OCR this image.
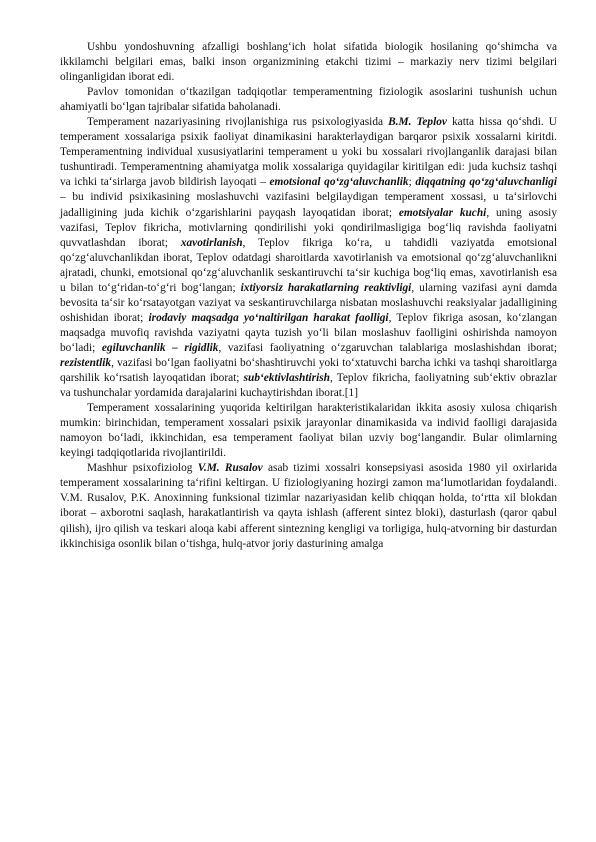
Ushbu yondoshuvning afzalligi boshlang‘ich holat sifatida biologik hosilaning qo‘shimcha va ikkilamchi belgilari emas, balki inson organizmining etakchi tizimi – markaziy nerv tizimi belgilari olinganligidan iborat edi.

Pavlov tomonidan o‘tkazilgan tadqiqotlar temperamentning fiziologik asoslarini tushunish uchun ahamiyatli bo‘lgan tajribalar sifatida baholanadi.

Temperament nazariyasining rivojlanishiga rus psixologiyasida B.M. Teplov katta hissa qo‘shdi. U temperament xossalariga psixik faoliyat dinamikasini harakterlaydigan barqaror psixik xossalarni kiritdi. Temperamentning individual xususiyatlarini temperament u yoki bu xossalari rivojlanganlik darajasi bilan tushuntiradi. Temperamentning ahamiyatga molik xossalariga quyidagilar kiritilgan edi: juda kuchsiz tashqi va ichki ta‘sirlarga javob bildirish layoqati – emotsional qo‘zg‘aluvchanlik; diqqatning qo‘zg‘aluvchanligi – bu individ psixikasining moslashuvchi vazifasini belgilaydigan temperament xossasi, u ta‘sirlovchi jadalligining juda kichik o‘zgarishlarini payqash layoqatidan iborat; emotsiyalar kuchi, uning asosiy vazifasi, Teplov fikricha, motivlarning qondirilishi yoki qondirilmasligiga bog‘liq ravishda faoliyatni quvvatlashdan iborat; xavotirlanish, Teplov fikriga ko‘ra, u tahdidli vaziyatda emotsional qo‘zg‘aluvchanlikdan iborat, Teplov odatdagi sharoitlarda xavotirlanish va emotsional qo‘zg‘aluvchanlikni ajratadi, chunki, emotsional qo‘zg‘aluvchanlik seskantiruvchi ta‘sir kuchiga bog‘liq emas, xavotirlanish esa u bilan to‘g‘ridan-to‘g‘ri bog‘langan; ixtiyorsiz harakatlarning reaktivligi, ularning vazifasi ayni damda bevosita ta‘sir ko‘rsatayotgan vaziyat va seskantiruvchilarga nisbatan moslashuvchi reaksiyalar jadalligining oshishidan iborat; irodaviy maqsadga yo‘naltirilgan harakat faolligi, Teplov fikriga asosan, ko‘zlangan maqsadga muvofiq ravishda vaziyatni qayta tuzish yo‘li bilan moslashuv faolligini oshirishda namoyon bo‘ladi; egiluvchanlik – rigidlik, vazifasi faoliyatning o‘zgaruvchan talablariga moslashishdan iborat; rezistentlik, vazifasi bo‘lgan faoliyatni bo‘shashtiruvchi yoki to‘xtatuvchi barcha ichki va tashqi sharoitlarga qarshilik ko‘rsatish layoqatidan iborat; sub‘ektivlashtirish, Teplov fikricha, faoliyatning sub‘ektiv obrazlar va tushunchalar yordamida darajalarini kuchaytirishdan iborat.[1]

Temperament xossalarining yuqorida keltirilgan harakteristikalaridan ikkita asosiy xulosa chiqarish mumkin: birinchidan, temperament xossalari psixik jarayonlar dinamikasida va individ faolligi darajasida namoyon bo‘ladi, ikkinchidan, esa temperament faoliyat bilan uzviy bog‘langandir. Bular olimlarning keyingi tadqiqotlarida rivojlantirildi.

Mashhur psixofiziolog V.M. Rusalov asab tizimi xossalri konsepsiyasi asosida 1980 yil oxirlarida temperament xossalarining ta‘rifini keltirgan. U fiziologiyaning hozirgi zamon ma‘lumotlaridan foydalandi. V.M. Rusalov, P.K. Anoxinning funksional tizimlar nazariyasidan kelib chiqqan holda, to‘rtta xil blokdan iborat – axborotni saqlash, harakatlantirish va qayta ishlash (afferent sintez bloki), dasturlash (qaror qabul qilish), ijro qilish va teskari aloqa kabi afferent sintezning kengligi va torligiga, hulq-atvorning bir dasturdan ikkinchisiga osonlik bilan o‘tishga, hulq-atvor joriy dasturining amalga
